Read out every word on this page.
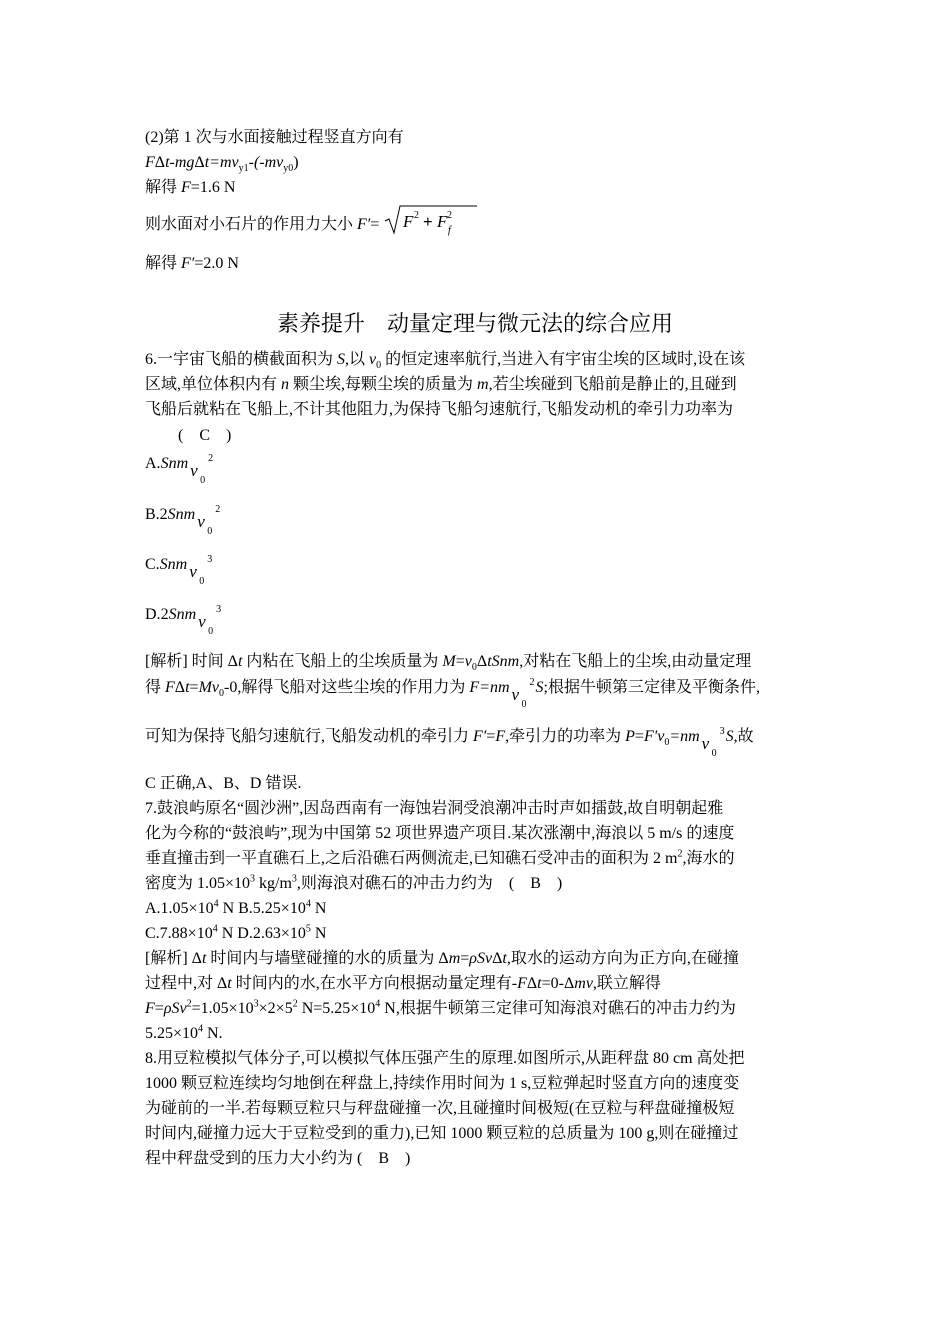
(2)第 1 次与水面接触过程竖直方向有
FΔt-$mg\Delta t=mv_{y1}-(-mv_{y0})$
解得 F=1.6 N
则水面对小石片的作用力大小 F′= F 2 + F 2
f
解得 F′=2.0 N
素养提升　动量定理与微元法的综合应用
6.一宇宙飞船的横截面积为 S,以 $v_0$ 的恒定速率航行,当进入有宇宙尘埃的区域时,设在该
区域,单位体积内有 n 颗尘埃,每颗尘埃的质量为 m,若尘埃碰到飞船前是静止的,且碰到
飞船后就粘在飞船上,不计其他阻力,为保持飞船匀速航行,飞船发动机的牵引力功率为
(　C　)
A.Snm v
0
2
B.2Snm v
0
2
C.Snm v
0
3
D.2Snm v
0
3
[解析] 时间 Δt 内粘在飞船上的尘埃质量为 $M=v_0\Delta tSnm$,对粘在飞船上的尘埃,由动量定理
得 $F\Delta t=Mv_0-0$,解得飞船对这些尘埃的作用力为 F=nm v
0
2 S;根据牛顿第三定律及平衡条件,
可知为保持飞船匀速航行,飞船发动机的牵引力 F′=F,牵引力的功率为 $P=F'v_0=nm$ v
0
3 S,故
C 正确,A、B、D 错误.
7.鼓浪屿原名“圆沙洲”,因岛西南有一海蚀岩洞受浪潮冲击时声如擂鼓,故自明朝起雅
化为今称的“鼓浪屿”,现为中国第 52 项世界遗产项目.某次涨潮中,海浪以 5 m/s 的速度
垂直撞击到一平直礁石上,之后沿礁石两侧流走,已知礁石受冲击的面积为 2 $m^2$,海水的
密度为 $1.05\times 10^3$ $kg/m^3$,则海浪对礁石的冲击力约为　(　B　)
$A.1.05\times 10^4$ N $B.5.25\times 10^4$ N
$C.7.88\times 10^4$ N $D.2.63\times 10^5$ N
[解析] Δt 时间内与墙壁碰撞的水的质量为 Δm=ρSvΔt,取水的运动方向为正方向,在碰撞
过程中,对 Δt 时间内的水,在水平方向根据动量定理有-FΔt=0-Δmv,联立解得
$F=\rho Sv^2=1.05\times 10^3\times 2\times 5^2$ $N=5.25\times 10^4$ N,根据牛顿第三定律可知海浪对礁石的冲击力约为
$5.25\times 10^4$ N.
8.用豆粒模拟气体分子,可以模拟气体压强产生的原理.如图所示,从距秤盘 80 cm 高处把
1000 颗豆粒连续均匀地倒在秤盘上,持续作用时间为 1 s,豆粒弹起时竖直方向的速度变
为碰前的一半.若每颗豆粒只与秤盘碰撞一次,且碰撞时间极短(在豆粒与秤盘碰撞极短
时间内,碰撞力远大于豆粒受到的重力),已知 1000 颗豆粒的总质量为 100 g,则在碰撞过
程中秤盘受到的压力大小约为 (　B　)
